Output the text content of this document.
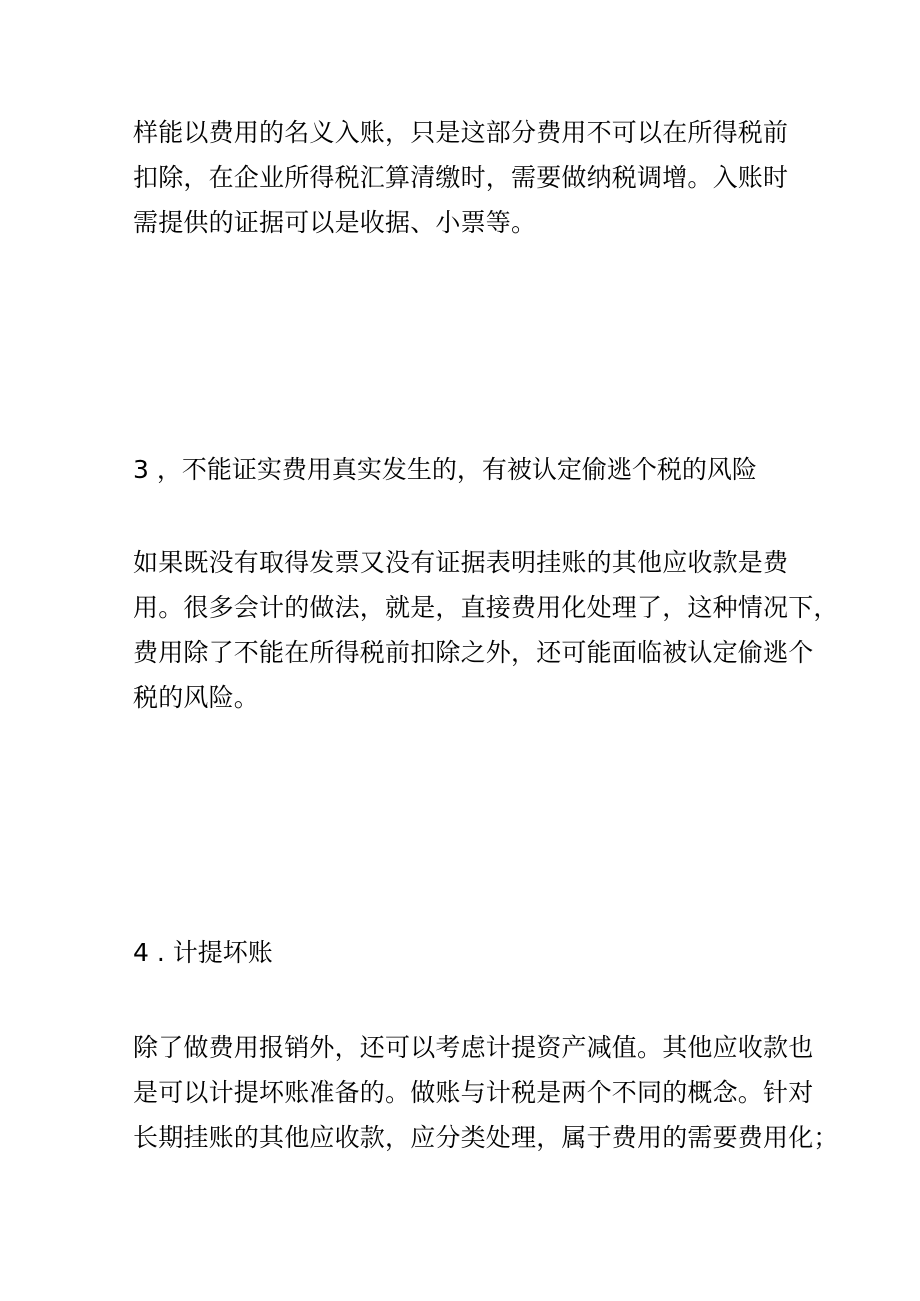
样能以费用的名义入账，只是这部分费用不可以在所得税前
扣除，在企业所得税汇算清缴时，需要做纳税调增。入账时
需提供的证据可以是收据、小票等。

3 ，不能证实费用真实发生的，有被认定偷逃个税的风险

如果既没有取得发票又没有证据表明挂账的其他应收款是费
用。很多会计的做法，就是，直接费用化处理了，这种情况下，
费用除了不能在所得税前扣除之外，还可能面临被认定偷逃个
税的风险。

4 . 计提坏账

除了做费用报销外，还可以考虑计提资产减值。其他应收款也
是可以计提坏账准备的。做账与计税是两个不同的概念。针对
长期挂账的其他应收款，应分类处理，属于费用的需要费用化；
